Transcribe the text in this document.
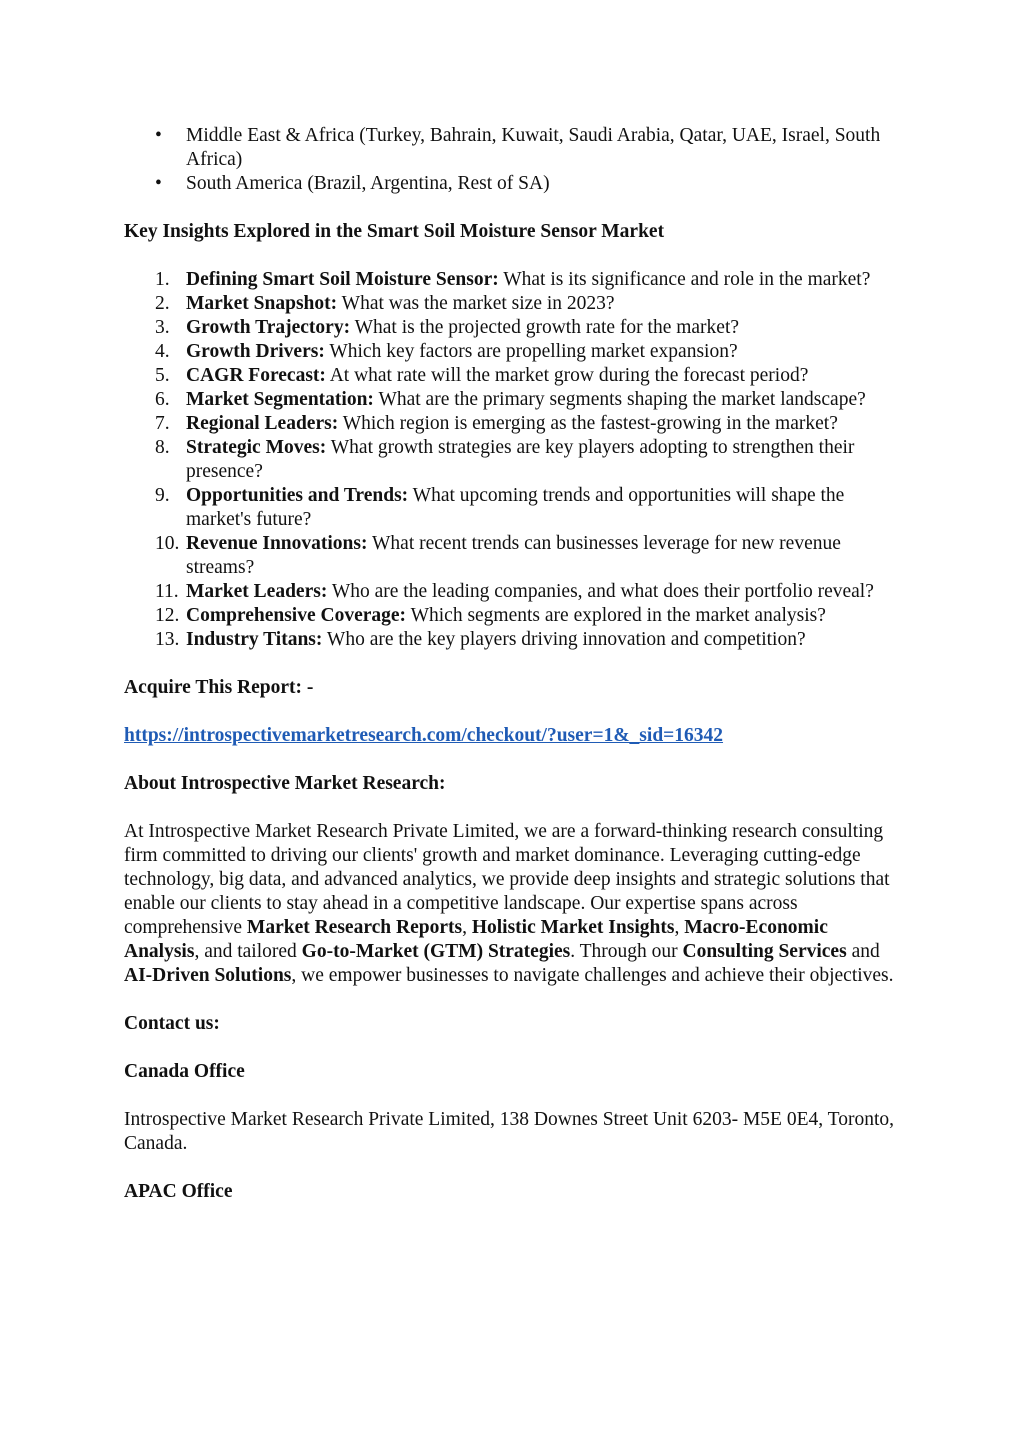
• Middle East & Africa (Turkey, Bahrain, Kuwait, Saudi Arabia, Qatar, UAE, Israel, South Africa)
• South America (Brazil, Argentina, Rest of SA)

Key Insights Explored in the Smart Soil Moisture Sensor Market

1. Defining Smart Soil Moisture Sensor: What is its significance and role in the market?
2. Market Snapshot: What was the market size in 2023?
3. Growth Trajectory: What is the projected growth rate for the market?
4. Growth Drivers: Which key factors are propelling market expansion?
5. CAGR Forecast: At what rate will the market grow during the forecast period?
6. Market Segmentation: What are the primary segments shaping the market landscape?
7. Regional Leaders: Which region is emerging as the fastest-growing in the market?
8. Strategic Moves: What growth strategies are key players adopting to strengthen their presence?
9. Opportunities and Trends: What upcoming trends and opportunities will shape the market's future?
10. Revenue Innovations: What recent trends can businesses leverage for new revenue streams?
11. Market Leaders: Who are the leading companies, and what does their portfolio reveal?
12. Comprehensive Coverage: Which segments are explored in the market analysis?
13. Industry Titans: Who are the key players driving innovation and competition?

Acquire This Report: -

https://introspectivemarketresearch.com/checkout/?user=1&_sid=16342

About Introspective Market Research:

At Introspective Market Research Private Limited, we are a forward-thinking research consulting firm committed to driving our clients' growth and market dominance. Leveraging cutting-edge technology, big data, and advanced analytics, we provide deep insights and strategic solutions that enable our clients to stay ahead in a competitive landscape. Our expertise spans across comprehensive Market Research Reports, Holistic Market Insights, Macro-Economic Analysis, and tailored Go-to-Market (GTM) Strategies. Through our Consulting Services and AI-Driven Solutions, we empower businesses to navigate challenges and achieve their objectives.

Contact us:

Canada Office

Introspective Market Research Private Limited, 138 Downes Street Unit 6203- M5E 0E4, Toronto, Canada.

APAC Office
